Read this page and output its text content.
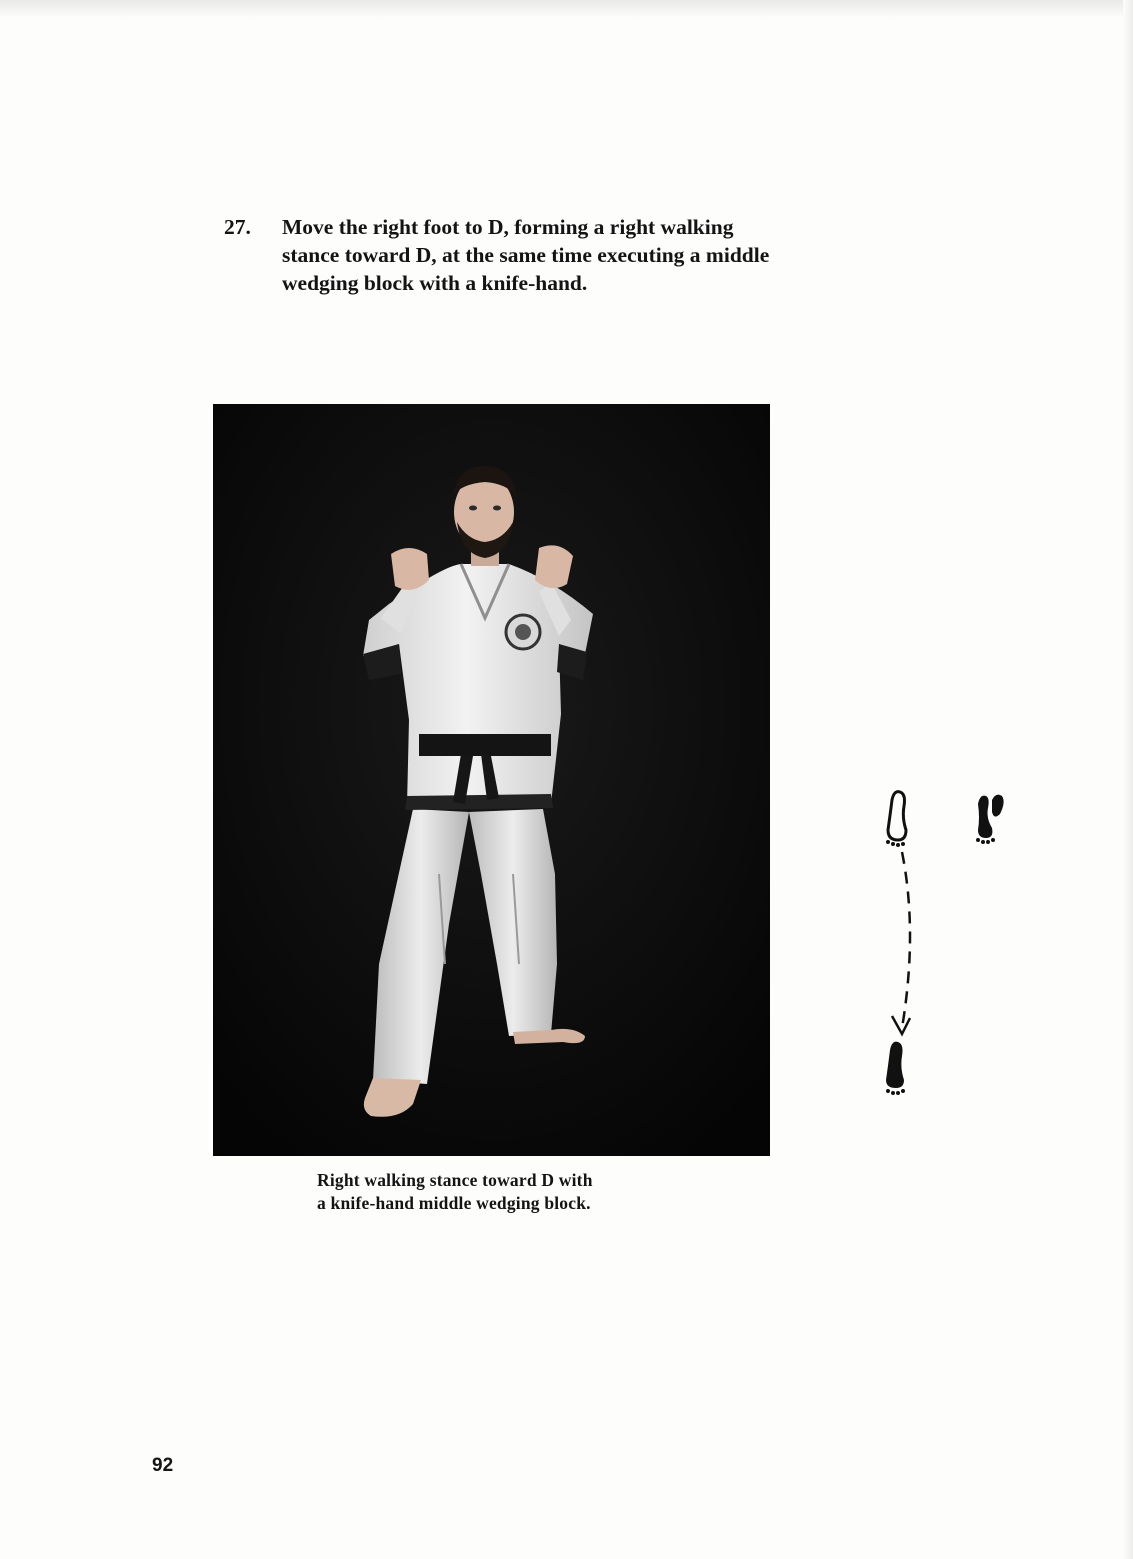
27.	Move the right foot to D, forming a right walking
stance toward D, at the same time executing a middle
wedging block with a knife-hand.
Right walking stance toward D with
a knife-hand middle wedging block.
92
